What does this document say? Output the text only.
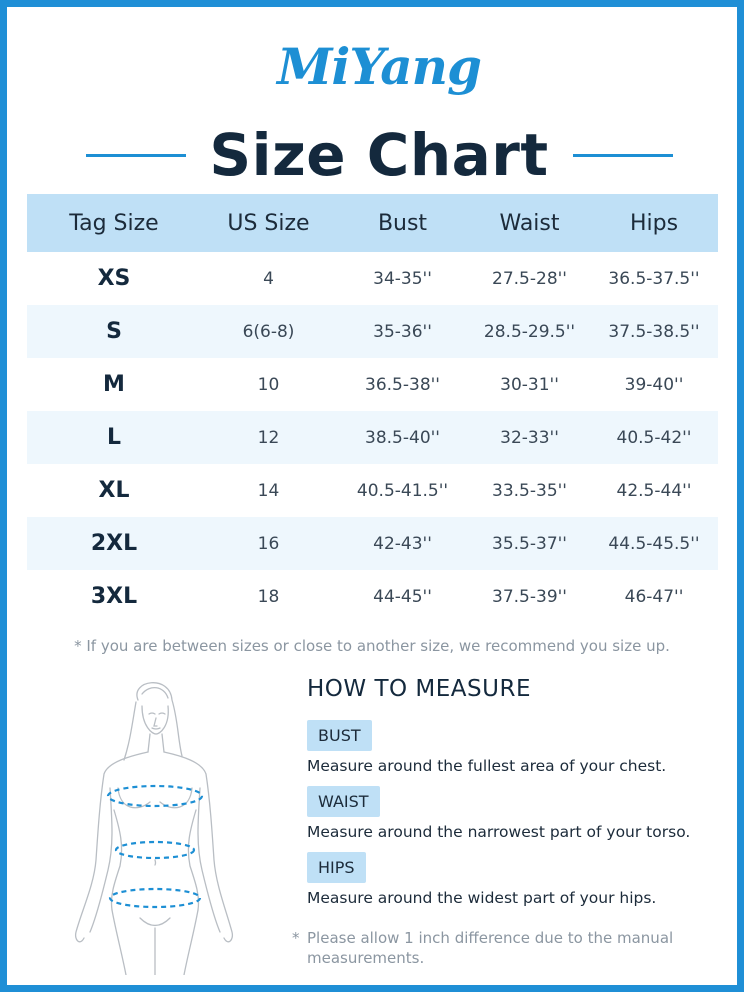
MiYang
Size Chart
Tag Size	US Size	Bust	Waist	Hips
XS	4	34-35''	27.5-28''	36.5-37.5''
S	6(6-8)	35-36''	28.5-29.5''	37.5-38.5''
M	10	36.5-38''	30-31''	39-40''
L	12	38.5-40''	32-33''	40.5-42''
XL	14	40.5-41.5''	33.5-35''	42.5-44''
2XL	16	42-43''	35.5-37''	44.5-45.5''
3XL	18	44-45''	37.5-39''	46-47''
* If you are between sizes or close to another size, we recommend you size up.
HOW TO MEASURE
BUST
Measure around the fullest area of your chest.
WAIST
Measure around the narrowest part of your torso.
HIPS
Measure around the widest part of your hips.
* Please allow 1 inch difference due to the manual measurements.
